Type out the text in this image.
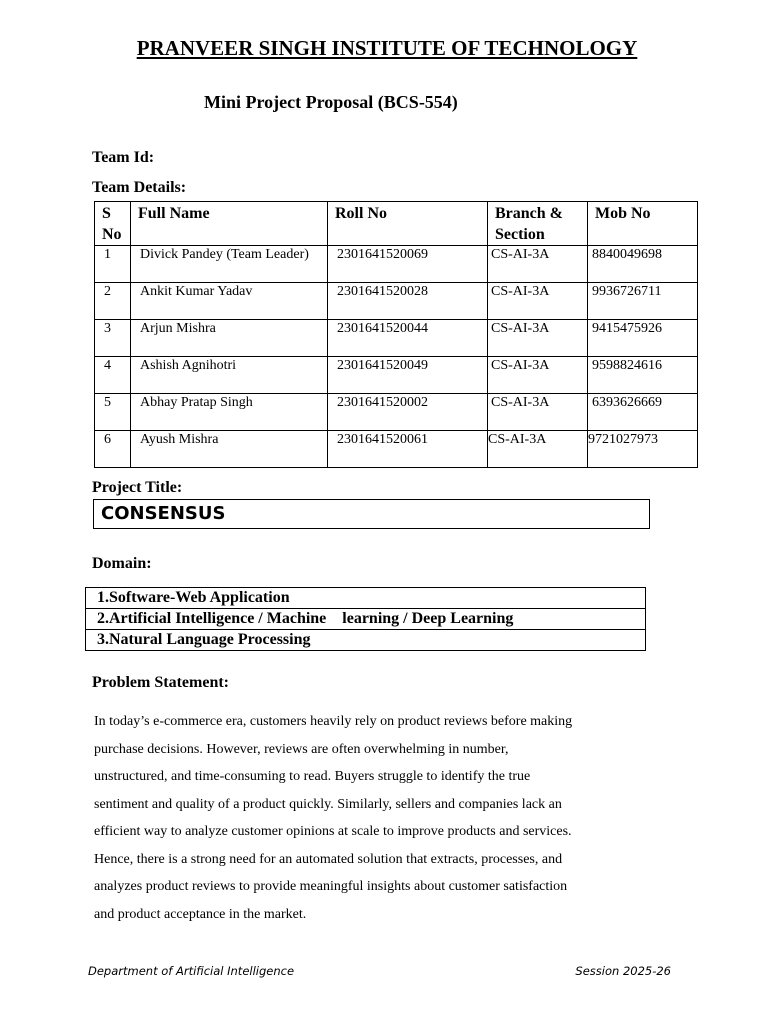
PRANVEER SINGH INSTITUTE OF TECHNOLOGY
Mini Project Proposal (BCS-554)
Team Id:
Team Details:
S No	Full Name	Roll No	Branch & Section	Mob No
1	Divick Pandey (Team Leader)	2301641520069	CS-AI-3A	8840049698
2	Ankit Kumar Yadav	2301641520028	CS-AI-3A	9936726711
3	Arjun Mishra	2301641520044	CS-AI-3A	9415475926
4	Ashish Agnihotri	2301641520049	CS-AI-3A	9598824616
5	Abhay Pratap Singh	2301641520002	CS-AI-3A	6393626669
6	Ayush Mishra	2301641520061	CS-AI-3A	9721027973
Project Title:
CONSENSUS
Domain:
1.Software-Web Application
2.Artificial Intelligence / Machine    learning / Deep Learning
3.Natural Language Processing
Problem Statement:
In today’s e-commerce era, customers heavily rely on product reviews before making
purchase decisions. However, reviews are often overwhelming in number,
unstructured, and time-consuming to read. Buyers struggle to identify the true
sentiment and quality of a product quickly. Similarly, sellers and companies lack an
efficient way to analyze customer opinions at scale to improve products and services.
Hence, there is a strong need for an automated solution that extracts, processes, and
analyzes product reviews to provide meaningful insights about customer satisfaction
and product acceptance in the market.
Department of Artificial Intelligence	Session 2025-26
